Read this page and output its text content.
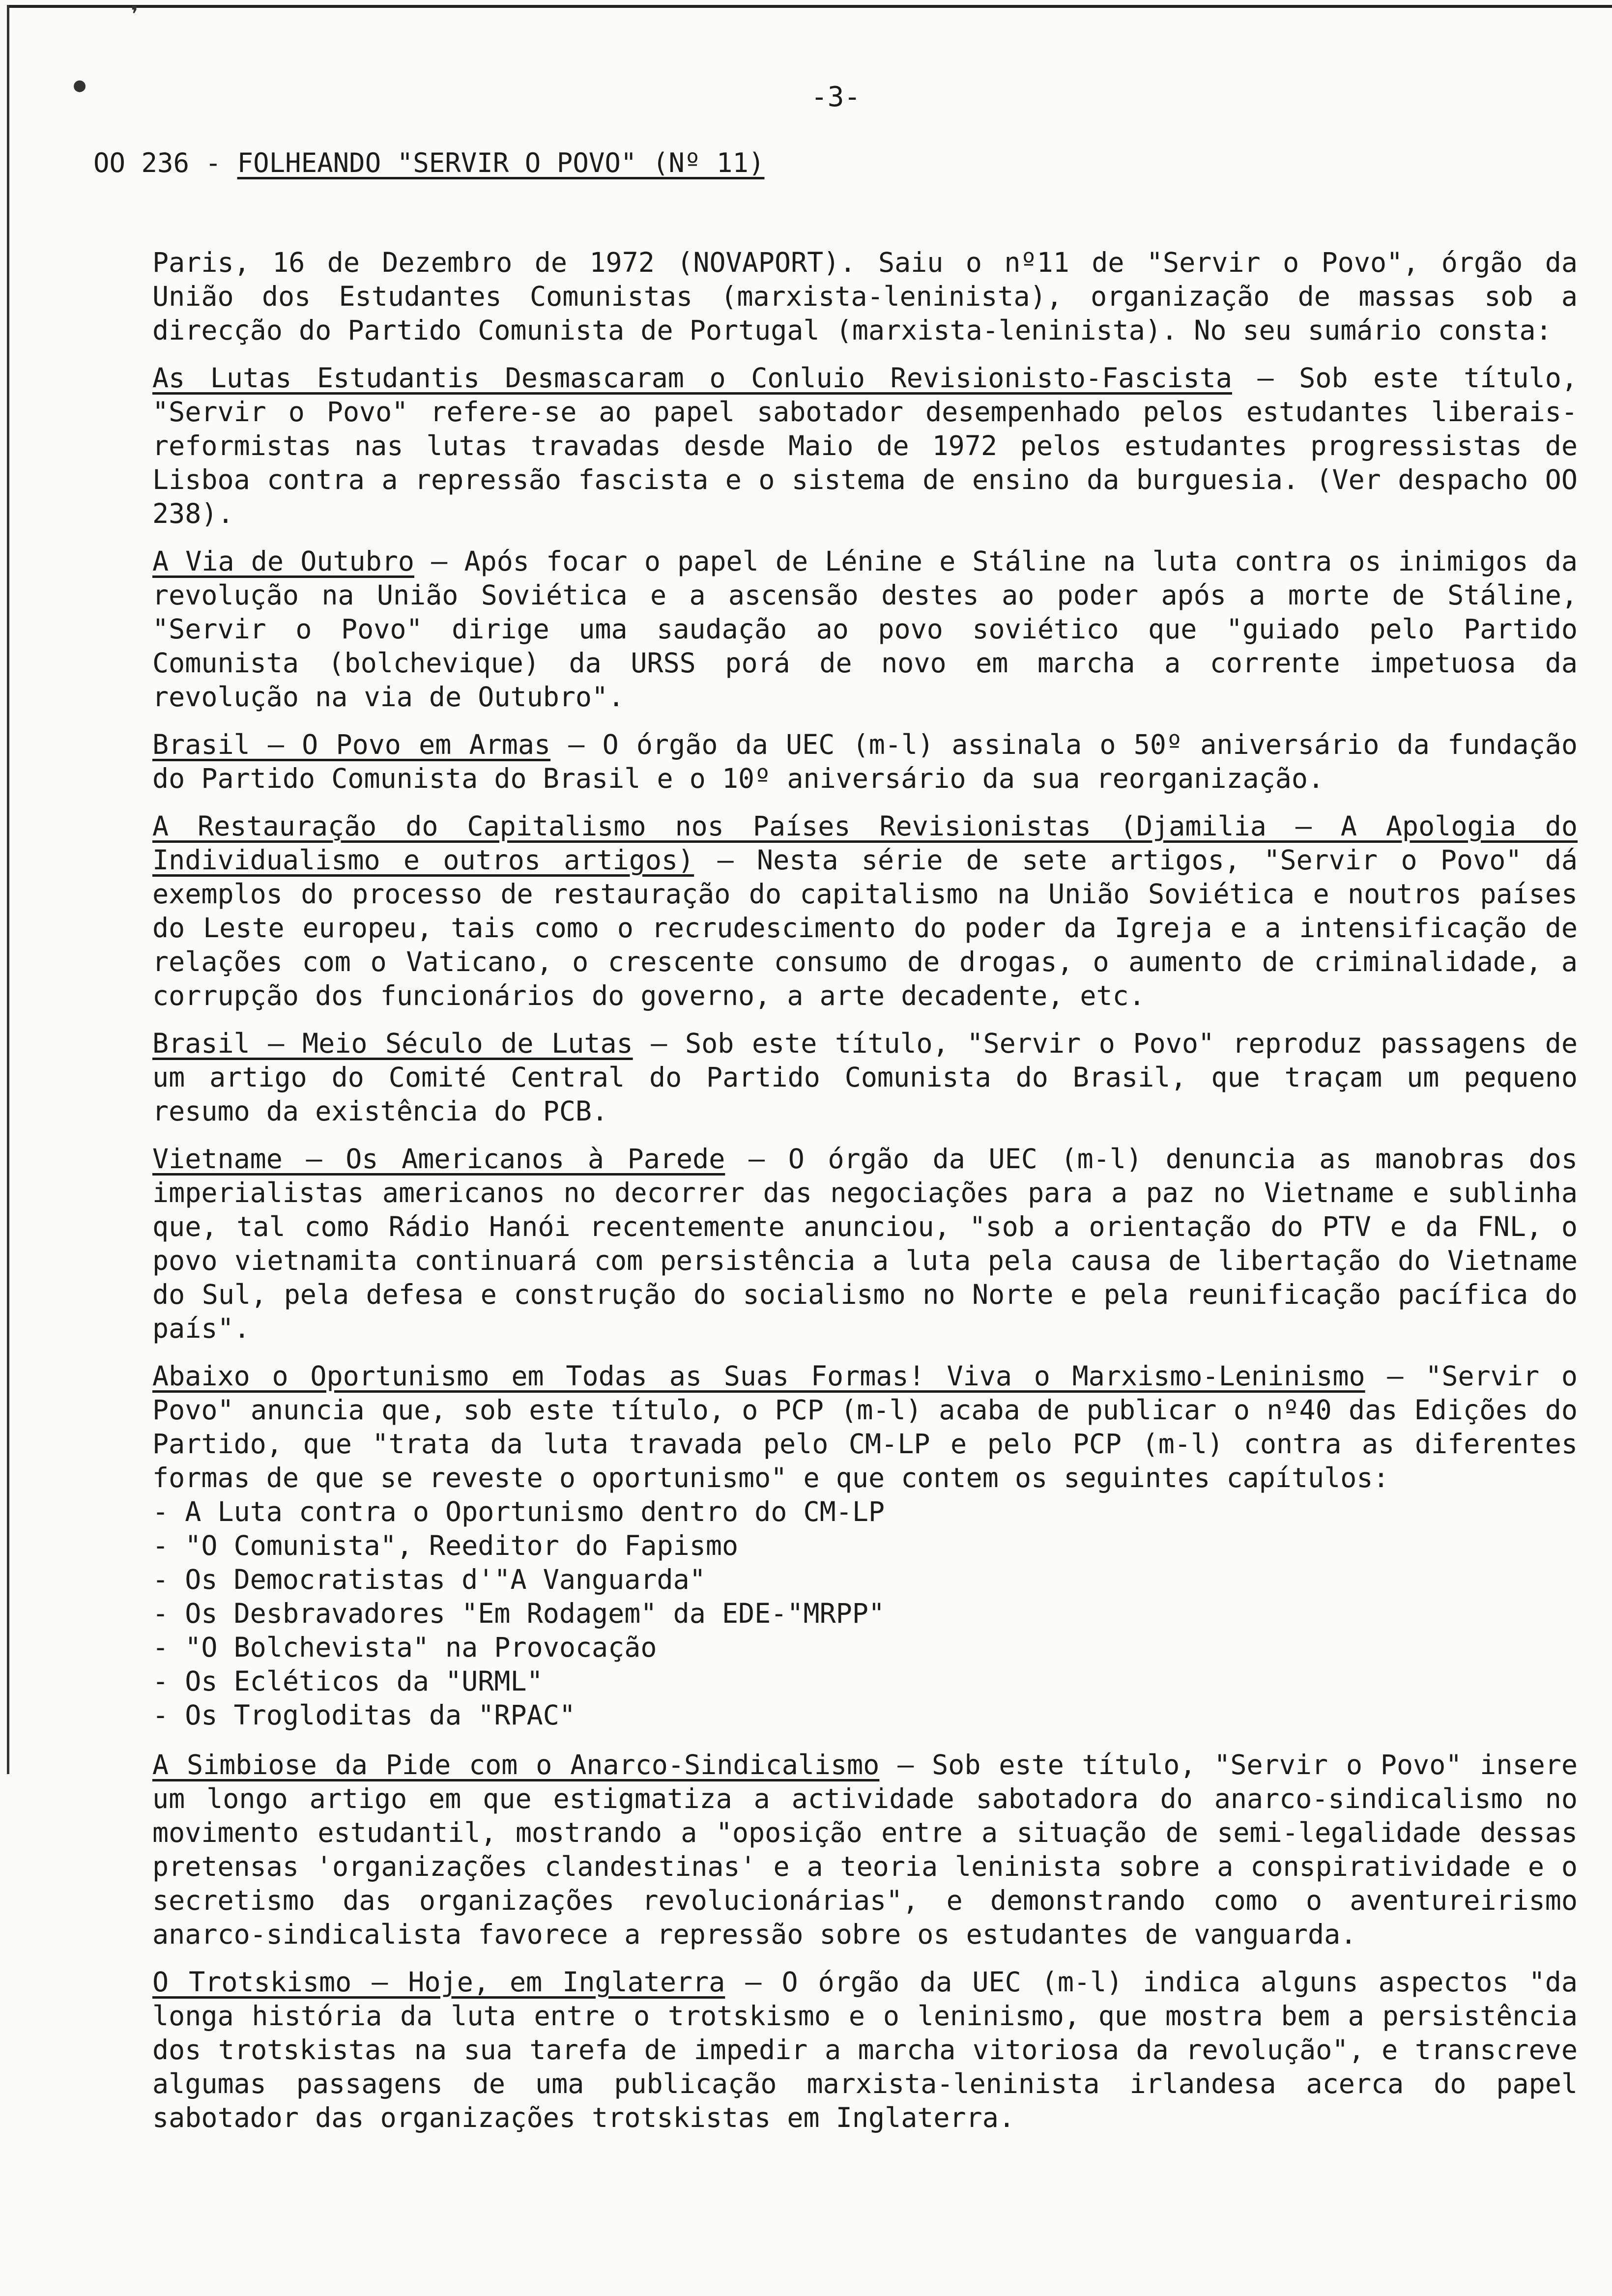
❜
●	-3-
OO 236 - FOLHEANDO "SERVIR O POVO" (Nº 11)

Paris, 16 de Dezembro de 1972 (NOVAPORT). Saiu o nº11 de "Servir o Povo", órgão da União dos Estudantes Comunistas (marxista-leninista), organização de massas sob a direcção do Partido Comunista de Portugal (marxista-leninista). No seu sumário consta:

As Lutas Estudantis Desmascaram o Conluio Revisionisto-Fascista — Sob este título, "Servir o Povo" refere-se ao papel sabotador desempenhado pelos estudantes liberais-reformistas nas lutas travadas desde Maio de 1972 pelos estudantes progressistas de Lisboa contra a repressão fascista e o sistema de ensino da burguesia. (Ver despacho OO 238).

A Via de Outubro — Após focar o papel de Lénine e Stáline na luta contra os inimigos da revolução na União Soviética e a ascensão destes ao poder após a morte de Stáline, "Servir o Povo" dirige uma saudação ao povo soviético que "guiado pelo Partido Comunista (bolchevique) da URSS porá de novo em marcha a corrente impetuosa da revolução na via de Outubro".

Brasil — O Povo em Armas — O órgão da UEC (m-l) assinala o 50º aniversário da fundação do Partido Comunista do Brasil e o 10º aniversário da sua reorganização.

A Restauração do Capitalismo nos Países Revisionistas (Djamilia — A Apologia do Individualismo e outros artigos) — Nesta série de sete artigos, "Servir o Povo" dá exemplos do processo de restauração do capitalismo na União Soviética e noutros países do Leste europeu, tais como o recrudescimento do poder da Igreja e a intensificação de relações com o Vaticano, o crescente consumo de drogas, o aumento de criminalidade, a corrupção dos funcionários do governo, a arte decadente, etc.

Brasil — Meio Século de Lutas — Sob este título, "Servir o Povo" reproduz passagens de um artigo do Comité Central do Partido Comunista do Brasil, que traçam um pequeno resumo da existência do PCB.

Vietname — Os Americanos à Parede — O órgão da UEC (m-l) denuncia as manobras dos imperialistas americanos no decorrer das negociações para a paz no Vietname e sublinha que, tal como Rádio Hanói recentemente anunciou, "sob a orientação do PTV e da FNL, o povo vietnamita continuará com persistência a luta pela causa de libertação do Vietname do Sul, pela defesa e construção do socialismo no Norte e pela reunificação pacífica do país".

Abaixo o Oportunismo em Todas as Suas Formas! Viva o Marxismo-Leninismo — "Servir o Povo" anuncia que, sob este título, o PCP (m-l) acaba de publicar o nº40 das Edições do Partido, que "trata da luta travada pelo CM-LP e pelo PCP (m-l) contra as diferentes formas de que se reveste o oportunismo" e que contem os seguintes capítulos:

- A Luta contra o Oportunismo dentro do CM-LP
- "O Comunista", Reeditor do Fapismo
- Os Democratistas d'"A Vanguarda"
- Os Desbravadores "Em Rodagem" da EDE-"MRPP"
- "O Bolchevista" na Provocação
- Os Ecléticos da "URML"
- Os Trogloditas da "RPAC"

A Simbiose da Pide com o Anarco-Sindicalismo — Sob este título, "Servir o Povo" insere um longo artigo em que estigmatiza a actividade sabotadora do anarco-sindicalismo no movimento estudantil, mostrando a "oposição entre a situação de semi-legalidade dessas pretensas 'organizações clandestinas' e a teoria leninista sobre a conspiratividade e o secretismo das organizações revolucionárias", e demonstrando como o aventureirismo anarco-sindicalista favorece a repressão sobre os estudantes de vanguarda.

O Trotskismo — Hoje, em Inglaterra — O órgão da UEC (m-l) indica alguns aspectos "da longa história da luta entre o trotskismo e o leninismo, que mostra bem a persistência dos trotskistas na sua tarefa de impedir a marcha vitoriosa da revolução", e transcreve algumas passagens de uma publicação marxista-leninista irlandesa acerca do papel sabotador das organizações trotskistas em Inglaterra.
